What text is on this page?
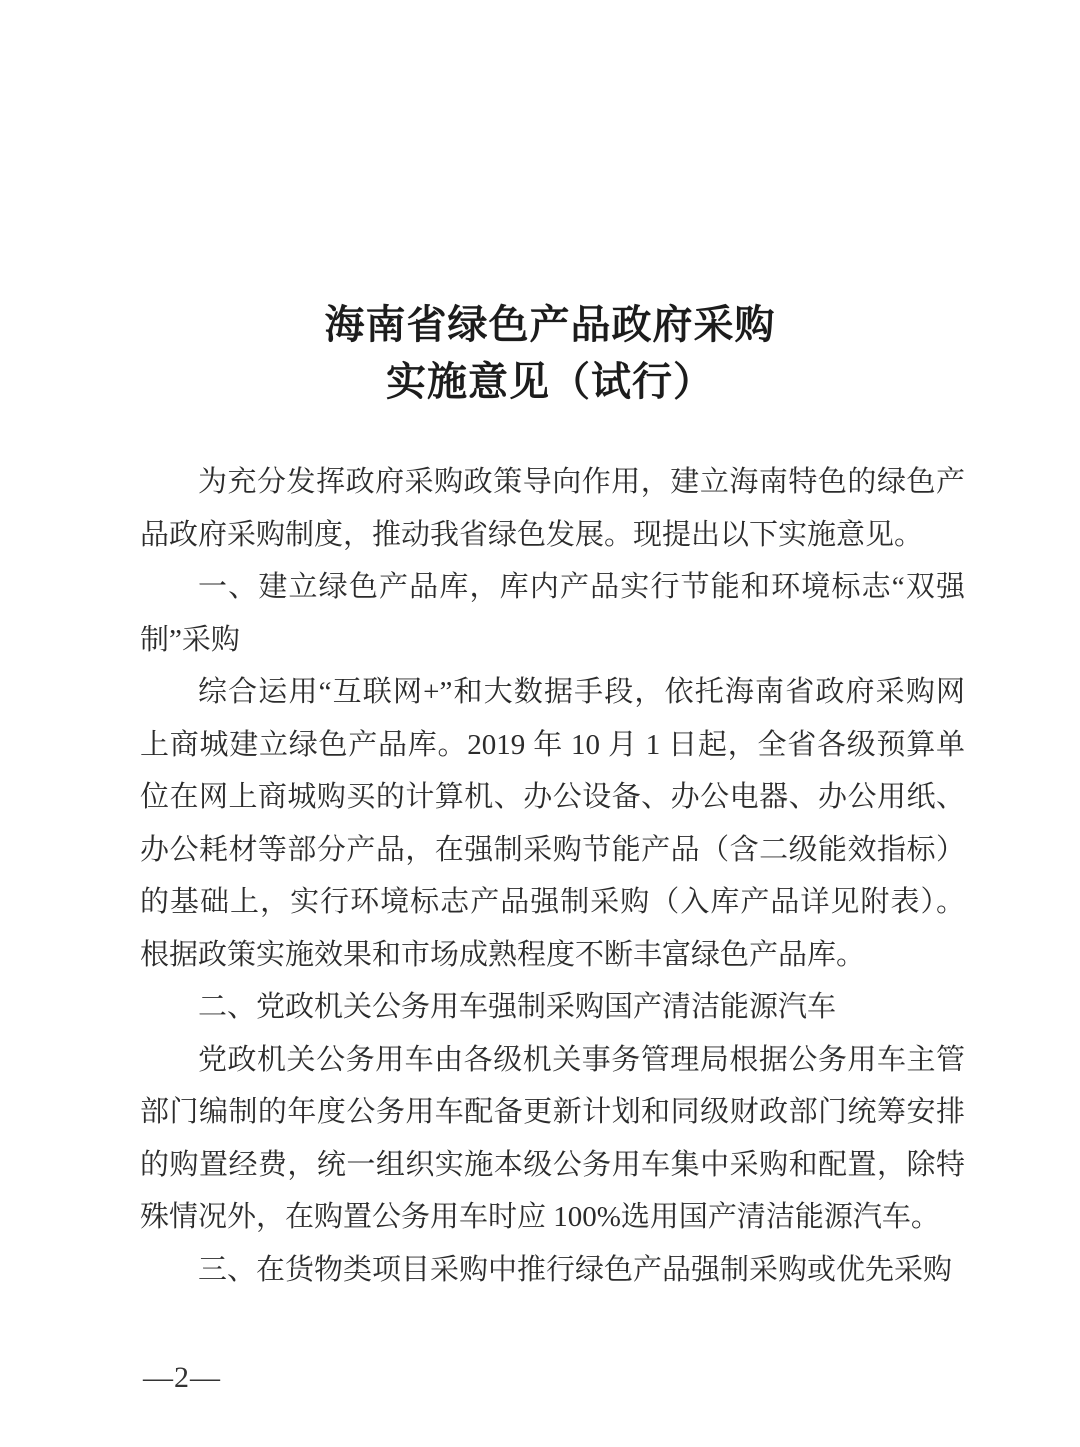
海南省绿色产品政府采购
实施意见（试行）

为充分发挥政府采购政策导向作用，建立海南特色的绿色产品政府采购制度，推动我省绿色发展。现提出以下实施意见。

一、建立绿色产品库，库内产品实行节能和环境标志“双强制”采购

综合运用“互联网+”和大数据手段，依托海南省政府采购网上商城建立绿色产品库。2019 年 10 月 1 日起，全省各级预算单位在网上商城购买的计算机、办公设备、办公电器、办公用纸、办公耗材等部分产品，在强制采购节能产品（含二级能效指标）的基础上，实行环境标志产品强制采购（入库产品详见附表）。根据政策实施效果和市场成熟程度不断丰富绿色产品库。

二、党政机关公务用车强制采购国产清洁能源汽车

党政机关公务用车由各级机关事务管理局根据公务用车主管部门编制的年度公务用车配备更新计划和同级财政部门统筹安排的购置经费，统一组织实施本级公务用车集中采购和配置，除特殊情况外，在购置公务用车时应 100%选用国产清洁能源汽车。

三、在货物类项目采购中推行绿色产品强制采购或优先采购

—2—
